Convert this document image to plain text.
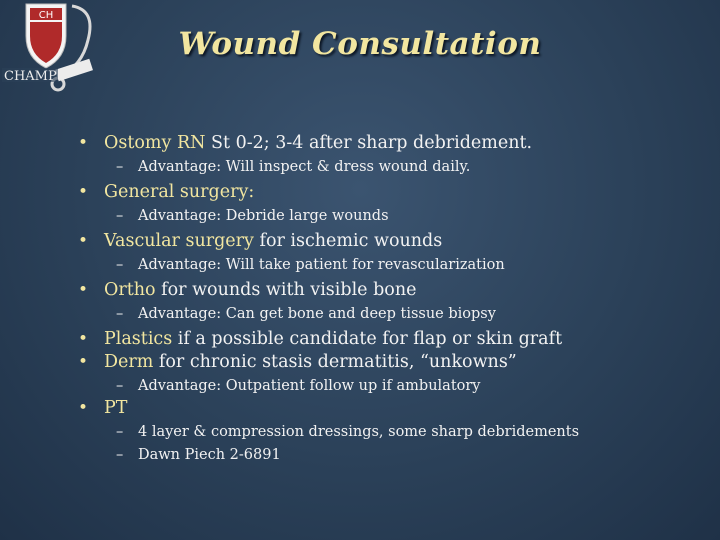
CH
CHAMP
Wound Consultation
• Ostomy RN St 0-2; 3-4 after sharp debridement.
– Advantage: Will inspect & dress wound daily.
• General surgery:
– Advantage: Debride large wounds
• Vascular surgery for ischemic wounds
– Advantage: Will take patient for revascularization
• Ortho for wounds with visible bone
– Advantage: Can get bone and deep tissue biopsy
• Plastics if a possible candidate for flap or skin graft
• Derm for chronic stasis dermatitis, “unkowns”
– Advantage: Outpatient follow up if ambulatory
• PT
– 4 layer & compression dressings, some sharp debridements
– Dawn Piech 2-6891
